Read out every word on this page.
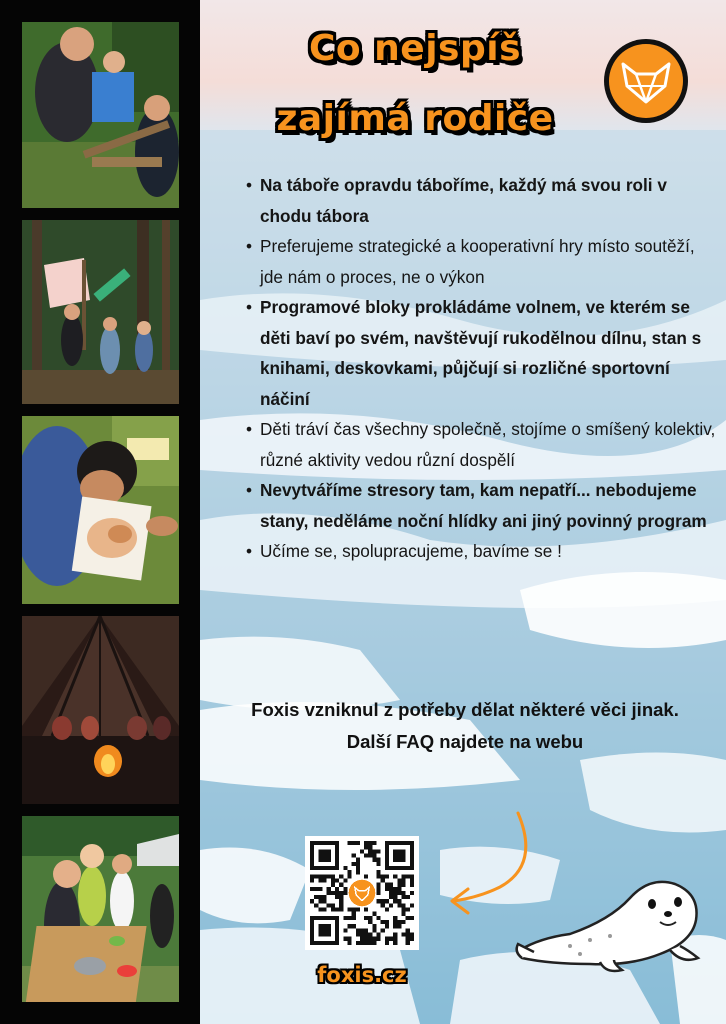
Co nejspíš
zajímá rodiče
• Na táboře opravdu táboříme, každý má svou roli v chodu tábora
• Preferujeme strategické a kooperativní hry místo soutěží, jde nám o proces, ne o výkon
• Programové bloky prokládáme volnem, ve kterém se děti baví po svém, navštěvují rukodělnou dílnu, stan s knihami, deskovkami, půjčují si rozličné sportovní náčiní
• Děti tráví čas všechny společně, stojíme o smíšený kolektiv, různé aktivity vedou různí dospělí
• Nevytváříme stresory tam, kam nepatří... nebodujeme stany, neděláme noční hlídky ani jiný povinný program
• Učíme se, spolupracujeme, bavíme se !
Foxis vzniknul z potřeby dělat některé věci jinak.
Další FAQ najdete na webu
foxis.cz
